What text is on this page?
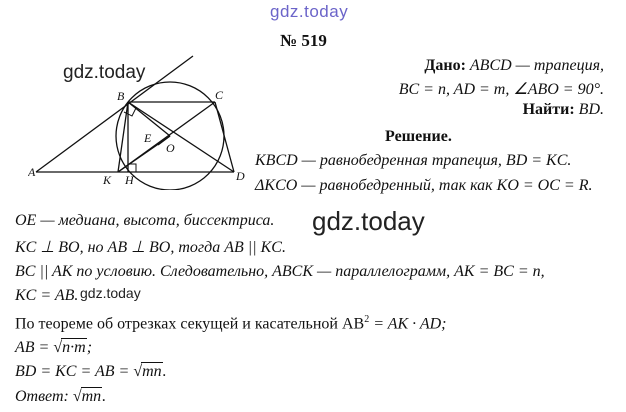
gdz.today
gdz.today
gdz.today
gdz.today
№ 519
A
B	C
D
K H
E
O
Дано: ABCD — трапеция,
BC = n, AD = m, ∠ABO = 90°.
Найти: BD.
Решение.
KBCD — равнобедренная трапеция, BD = KC.
ΔKCO — равнобедренный, так как KO = OC = R.
OE — медиана, высота, биссектриса.
KC ⊥ BO, но AB ⊥ BO, тогда AB || KC.
BC || AK по условию. Следовательно, ABCK — параллелограмм, AK = BC = n,
KC = AB.
По теореме об отрезках секущей и касательной $AB^2$ = AK · AD;
AB = √n·m;
BD = KC = AB = √mn.
Ответ: √mn.
